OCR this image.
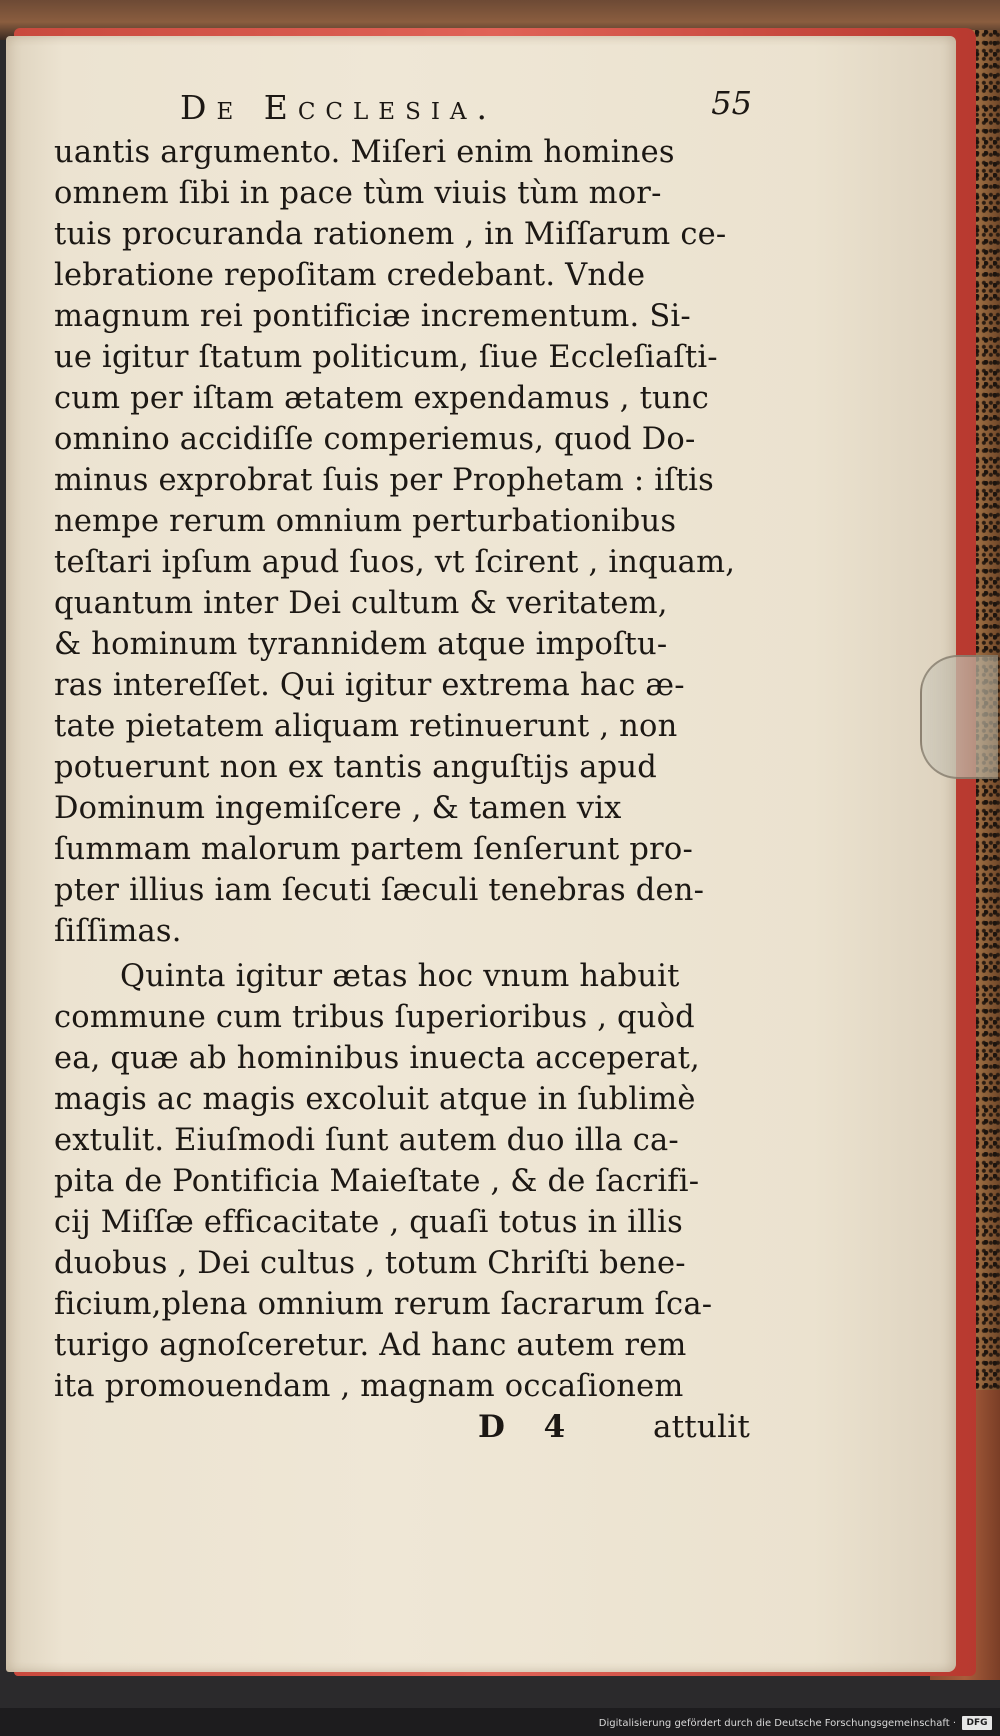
De Ecclesia.	55
uantis argumento. Miſeri enim homines
omnem ſibi in pace tùm viuis tùm mor-
tuis procuranda rationem , in Miſſarum ce-
lebratione repoſitam credebant. Vnde
magnum rei pontificiæ incrementum. Si-
ue igitur ſtatum politicum, ſiue Eccleſiaſti-
cum per iſtam ætatem expendamus , tunc
omnino accidiſſe comperiemus, quod Do-
minus exprobrat ſuis per Prophetam : iſtis
nempe rerum omnium perturbationibus
teſtari ipſum apud ſuos, vt ſcirent , inquam,
quantum inter Dei cultum & veritatem,
& hominum tyrannidem atque impoſtu-
ras intereſſet. Qui igitur extrema hac æ-
tate pietatem aliquam retinuerunt , non
potuerunt non ex tantis anguſtijs apud
Dominum ingemiſcere , & tamen vix
ſummam malorum partem ſenſerunt pro-
pter illius iam ſecuti ſæculi tenebras den-
ſiſſimas.
Quinta igitur ætas hoc vnum habuit
commune cum tribus ſuperioribus , quòd
ea, quæ ab hominibus inuecta acceperat,
magis ac magis excoluit atque in ſublimè
extulit. Eiuſmodi ſunt autem duo illa ca-
pita de Pontificia Maieſtate , & de ſacrifi-
cij Miſſæ efficacitate , quaſi totus in illis
duobus , Dei cultus , totum Chriſti bene-
ficium,plena omnium rerum ſacrarum ſca-
turigo agnoſceretur. Ad hanc autem rem
ita promouendam , magnam occaſionem
D 4 attulit
Digitalisierung gefördert durch die Deutsche Forschungsgemeinschaft ·	DFG
